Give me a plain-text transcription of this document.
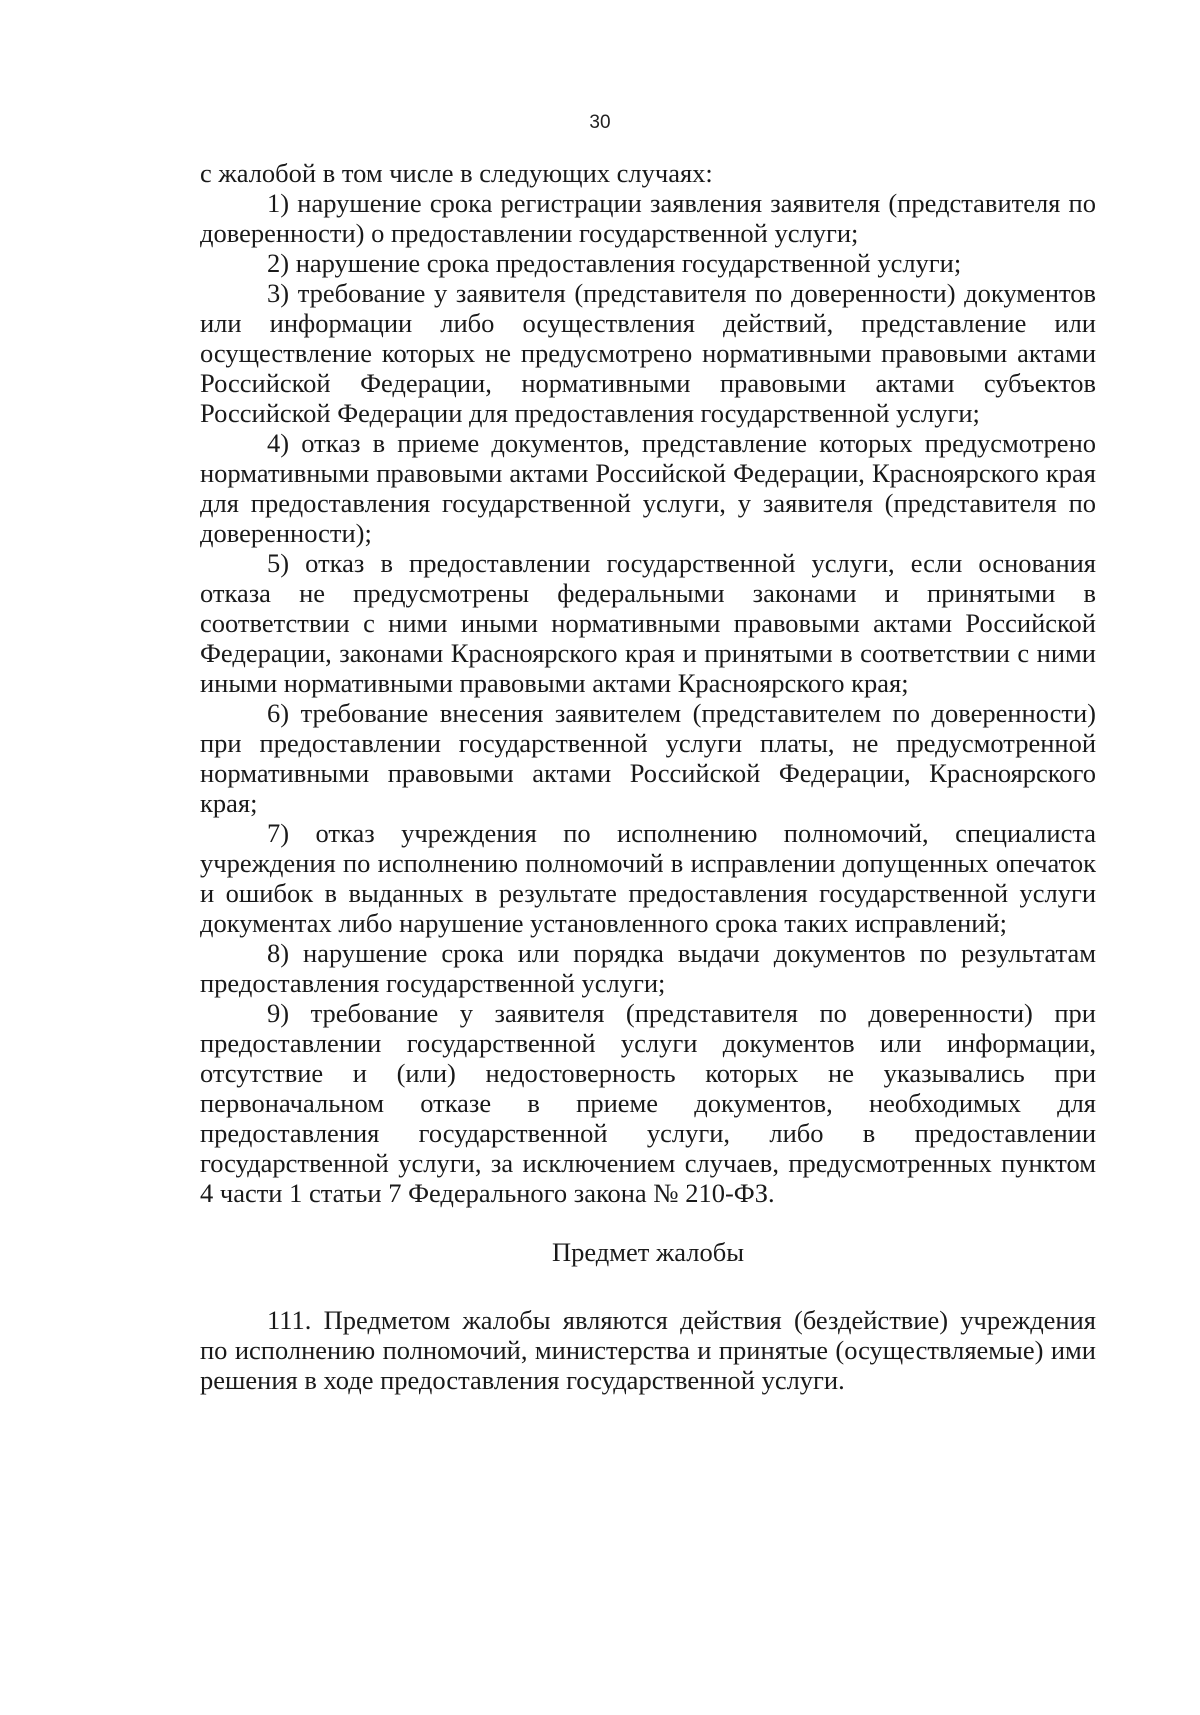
30

с жалобой в том числе в следующих случаях:

1) нарушение срока регистрации заявления заявителя (представителя по доверенности) о предоставлении государственной услуги;

2) нарушение срока предоставления государственной услуги;

3) требование у заявителя (представителя по доверенности) документов или информации либо осуществления действий, представление или осуществление которых не предусмотрено нормативными правовыми актами Российской Федерации, нормативными правовыми актами субъектов Российской Федерации для предоставления государственной услуги;

4) отказ в приеме документов, представление которых предусмотрено нормативными правовыми актами Российской Федерации, Красноярского края для предоставления государственной услуги, у заявителя (представителя по доверенности);

5) отказ в предоставлении государственной услуги, если основания отказа не предусмотрены федеральными законами и принятыми в соответствии с ними иными нормативными правовыми актами Российской Федерации, законами Красноярского края и принятыми в соответствии с ними иными нормативными правовыми актами Красноярского края;

6) требование внесения заявителем (представителем по доверенности) при предоставлении государственной услуги платы, не предусмотренной нормативными правовыми актами Российской Федерации, Красноярского края;

7) отказ учреждения по исполнению полномочий, специалиста учреждения по исполнению полномочий в исправлении допущенных опечаток и ошибок в выданных в результате предоставления государственной услуги документах либо нарушение установленного срока таких исправлений;

8) нарушение срока или порядка выдачи документов по результатам предоставления государственной услуги;

9) требование у заявителя (представителя по доверенности) при предоставлении государственной услуги документов или информации, отсутствие и (или) недостоверность которых не указывались при первоначальном отказе в приеме документов, необходимых для предоставления государственной услуги, либо в предоставлении государственной услуги, за исключением случаев, предусмотренных пунктом 4 части 1 статьи 7 Федерального закона № 210-ФЗ.

Предмет жалобы

111. Предметом жалобы являются действия (бездействие) учреждения по исполнению полномочий, министерства и принятые (осуществляемые) ими решения в ходе предоставления государственной услуги.
